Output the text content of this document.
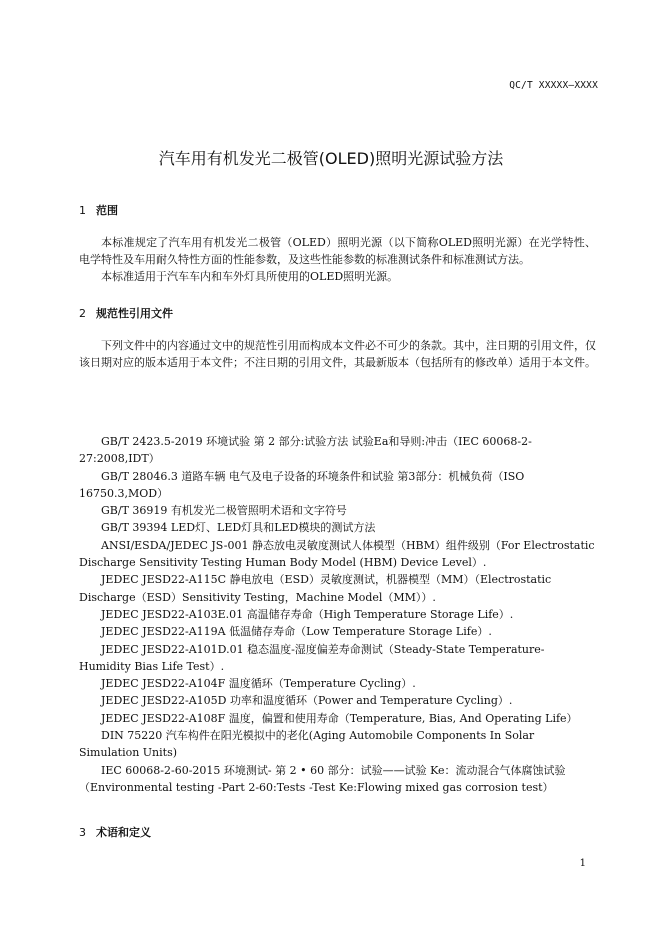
QC/T XXXXX—XXXX
汽车用有机发光二极管(OLED)照明光源试验方法
1 范围

本标准规定了汽车用有机发光二极管（OLED）照明光源（以下简称OLED照明光源）在光学特性、电学特性及车用耐久特性方面的性能参数，及这些性能参数的标准测试条件和标准测试方法。

本标准适用于汽车车内和车外灯具所使用的OLED照明光源。

2 规范性引用文件

下列文件中的内容通过文中的规范性引用而构成本文件必不可少的条款。其中，注日期的引用文件，仅该日期对应的版本适用于本文件；不注日期的引用文件，其最新版本（包括所有的修改单）适用于本文件。

GB/T 2423.5-2019 环境试验 第 2 部分:试验方法 试验Ea和导则:冲击（IEC 60068-2-27:2008,IDT）

GB/T 28046.3 道路车辆 电气及电子设备的环境条件和试验 第3部分：机械负荷（ISO 16750.3,MOD）

GB/T 36919 有机发光二极管照明术语和文字符号

GB/T 39394 LED灯、LED灯具和LED模块的测试方法

ANSI/ESDA/JEDEC JS-001 静态放电灵敏度测试人体模型（HBM）组件级别（For Electrostatic Discharge Sensitivity Testing Human Body Model (HBM) Device Level）.

JEDEC JESD22-A115C 静电放电（ESD）灵敏度测试，机器模型（MM）（Electrostatic Discharge（ESD）Sensitivity Testing，Machine Model（MM））.

JEDEC JESD22-A103E.01 高温储存寿命（High Temperature Storage Life）.

JEDEC JESD22-A119A 低温储存寿命（Low Temperature Storage Life）.

JEDEC JESD22-A101D.01 稳态温度-湿度偏差寿命测试（Steady-State Temperature-Humidity Bias Life Test）.

JEDEC JESD22-A104F 温度循环（Temperature Cycling）.

JEDEC JESD22-A105D 功率和温度循环（Power and Temperature Cycling）.

JEDEC JESD22-A108F 温度，偏置和使用寿命（Temperature, Bias, And Operating Life）

DIN 75220 汽车构件在阳光模拟中的老化(Aging Automobile Components In Solar Simulation Units)

IEC 60068-2-60-2015 环境测试- 第 2 • 60 部分：试验——试验 Ke：流动混合气体腐蚀试验（Environmental testing -Part 2-60:Tests -Test Ke:Flowing mixed gas corrosion test）

3 术语和定义
1
